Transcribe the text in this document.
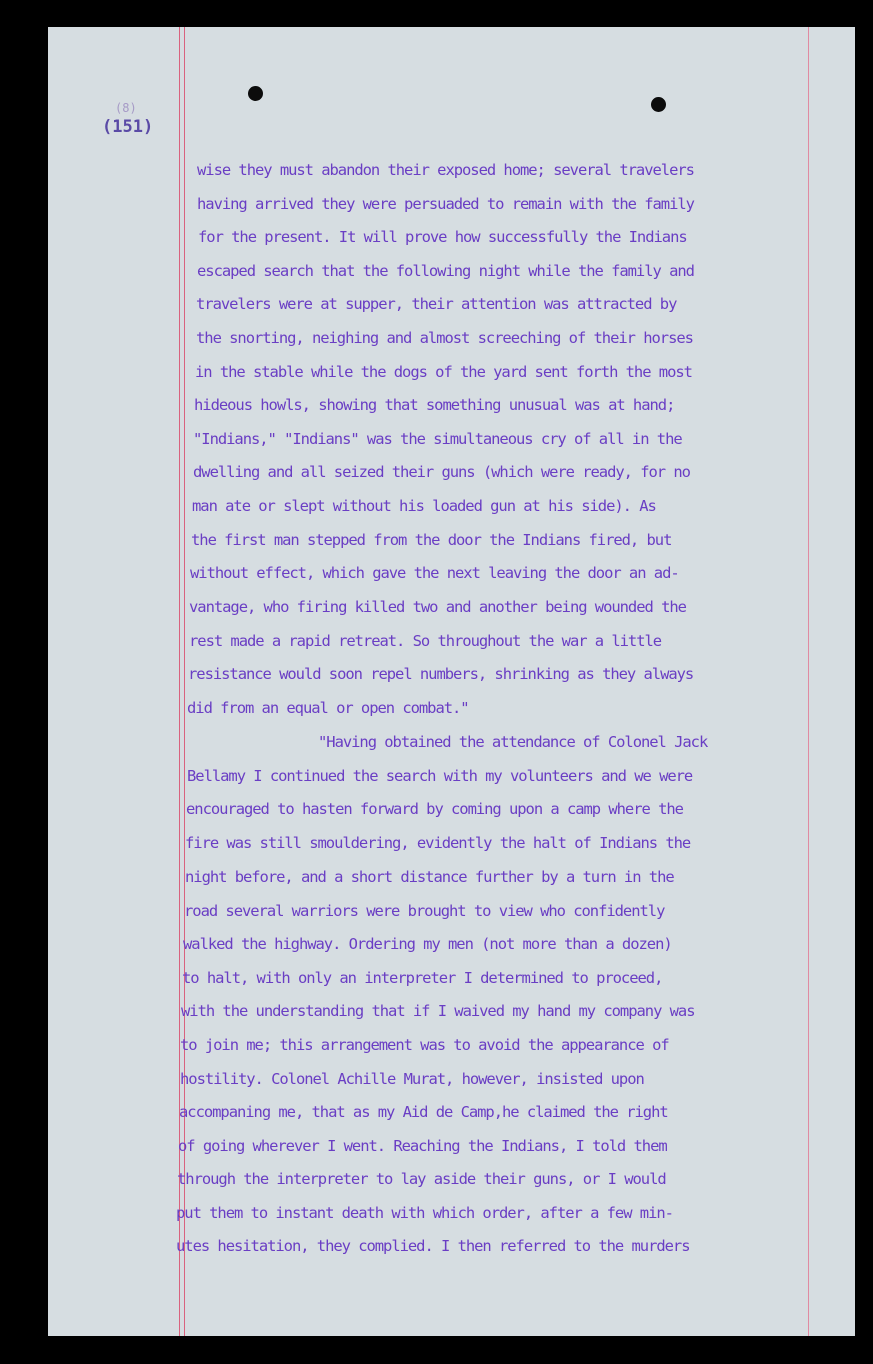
(8)
(151)

wise they must abandon their exposed home; several travelers

having arrived they were persuaded to remain with the family

for the present. It will prove how successfully the Indians

escaped search that the following night while the family and

travelers were at supper, their attention was attracted by

the snorting, neighing and almost screeching of their horses

in the stable while the dogs of the yard sent forth the most

hideous howls, showing that something unusual was at hand;

"Indians," "Indians" was the simultaneous cry of all in the

dwelling and all seized their guns (which were ready, for no

man ate or slept without his loaded gun at his side). As

the first man stepped from the door the Indians fired, but

without effect, which gave the next leaving the door an ad-

vantage, who firing killed two and another being wounded the

rest made a rapid retreat. So throughout the war a little

resistance would soon repel numbers, shrinking as they always

did from an equal or open combat."

"Having obtained the attendance of Colonel Jack

Bellamy I continued the search with my volunteers and we were

encouraged to hasten forward by coming upon a camp where the

fire was still smouldering, evidently the halt of Indians the

night before, and a short distance further by a turn in the

road several warriors were brought to view who confidently

walked the highway. Ordering my men (not more than a dozen)

to halt, with only an interpreter I determined to proceed,

with the understanding that if I waived my hand my company was

to join me; this arrangement was to avoid the appearance of

hostility. Colonel Achille Murat, however, insisted upon

accompaning me, that as my Aid de Camp,he claimed the right

of going wherever I went. Reaching the Indians, I told them

through the interpreter to lay aside their guns, or I would

put them to instant death with which order, after a few min-

utes hesitation, they complied. I then referred to the murders
